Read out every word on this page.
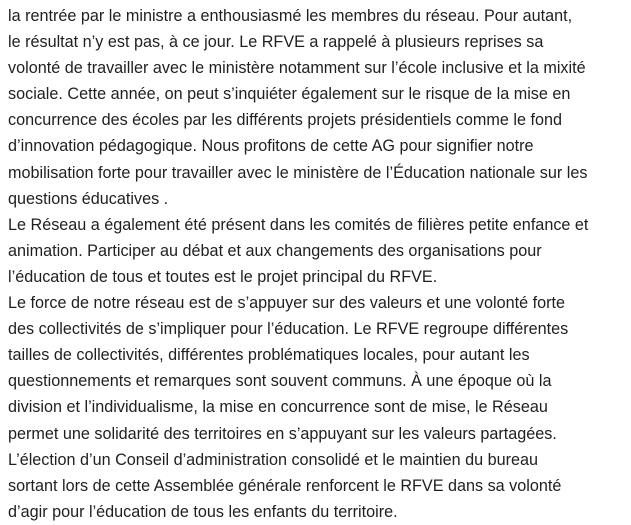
la rentrée par le ministre a enthousiasmé les membres du réseau. Pour autant,
le résultat n’y est pas, à ce jour. Le RFVE a rappelé à plusieurs reprises sa
volonté de travailler avec le ministère notamment sur l’école inclusive et la mixité
sociale. Cette année, on peut s’inquiéter également sur le risque de la mise en
concurrence des écoles par les différents projets présidentiels comme le fond
d’innovation pédagogique. Nous profitons de cette AG pour signifier notre
mobilisation forte pour travailler avec le ministère de l’Éducation nationale sur les
questions éducatives .
Le Réseau a également été présent dans les comités de filières petite enfance et
animation. Participer au débat et aux changements des organisations pour
l’éducation de tous et toutes est le projet principal du RFVE.
Le force de notre réseau est de s’appuyer sur des valeurs et une volonté forte
des collectivités de s’impliquer pour l’éducation. Le RFVE regroupe différentes
tailles de collectivités, différentes problématiques locales, pour autant les
questionnements et remarques sont souvent communs. À une époque où la
division et l’individualisme, la mise en concurrence sont de mise, le Réseau
permet une solidarité des territoires en s’appuyant sur les valeurs partagées.
L’élection d’un Conseil d’administration consolidé et le maintien du bureau
sortant lors de cette Assemblée générale renforcent le RFVE dans sa volonté
d’agir pour l’éducation de tous les enfants du territoire.
